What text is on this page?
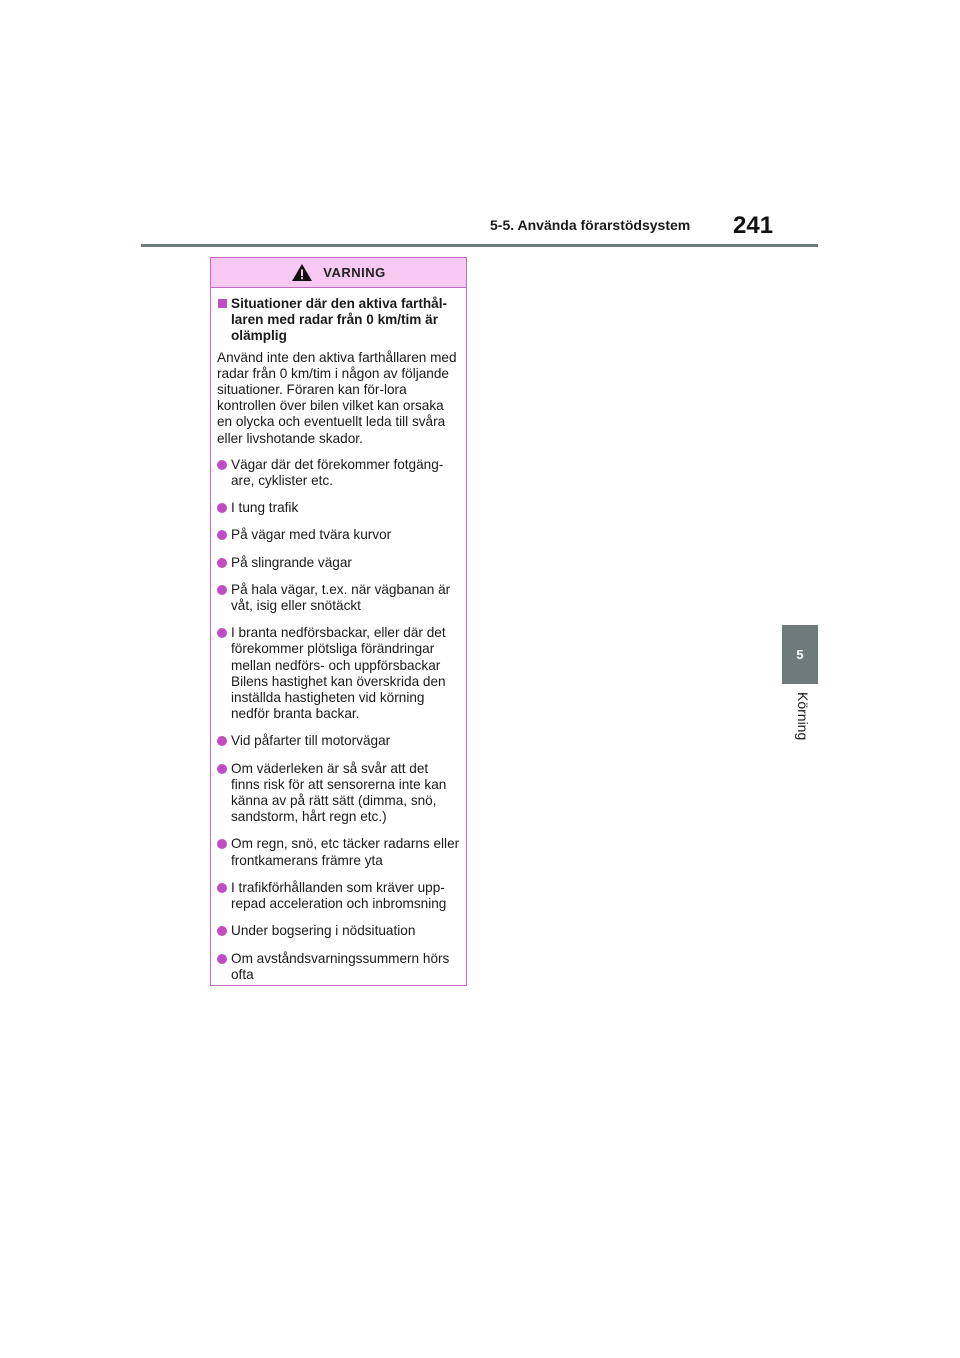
5-5. Använda förarstödsystem 241
5
Körning
VARNING
Situationer där den aktiva farthål-laren med radar från 0 km/tim är olämplig

Använd inte den aktiva farthållaren med radar från 0 km/tim i någon av följande situationer. Föraren kan för-lora kontrollen över bilen vilket kan orsaka en olycka och eventuellt leda till svåra eller livshotande skador.

Vägar där det förekommer fotgäng-are, cyklister etc.
I tung trafik
På vägar med tvära kurvor
På slingrande vägar
På hala vägar, t.ex. när vägbanan är våt, isig eller snötäckt
I branta nedförsbackar, eller där det förekommer plötsliga förändringar mellan nedförs- och uppförsbackar Bilens hastighet kan överskrida den inställda hastigheten vid körning nedför branta backar.
Vid påfarter till motorvägar
Om väderleken är så svår att det finns risk för att sensorerna inte kan känna av på rätt sätt (dimma, snö, sandstorm, hårt regn etc.)
Om regn, snö, etc täcker radarns eller frontkamerans främre yta
I trafikförhållanden som kräver upp-repad acceleration och inbromsning
Under bogsering i nödsituation
Om avståndsvarningssummern hörs ofta
